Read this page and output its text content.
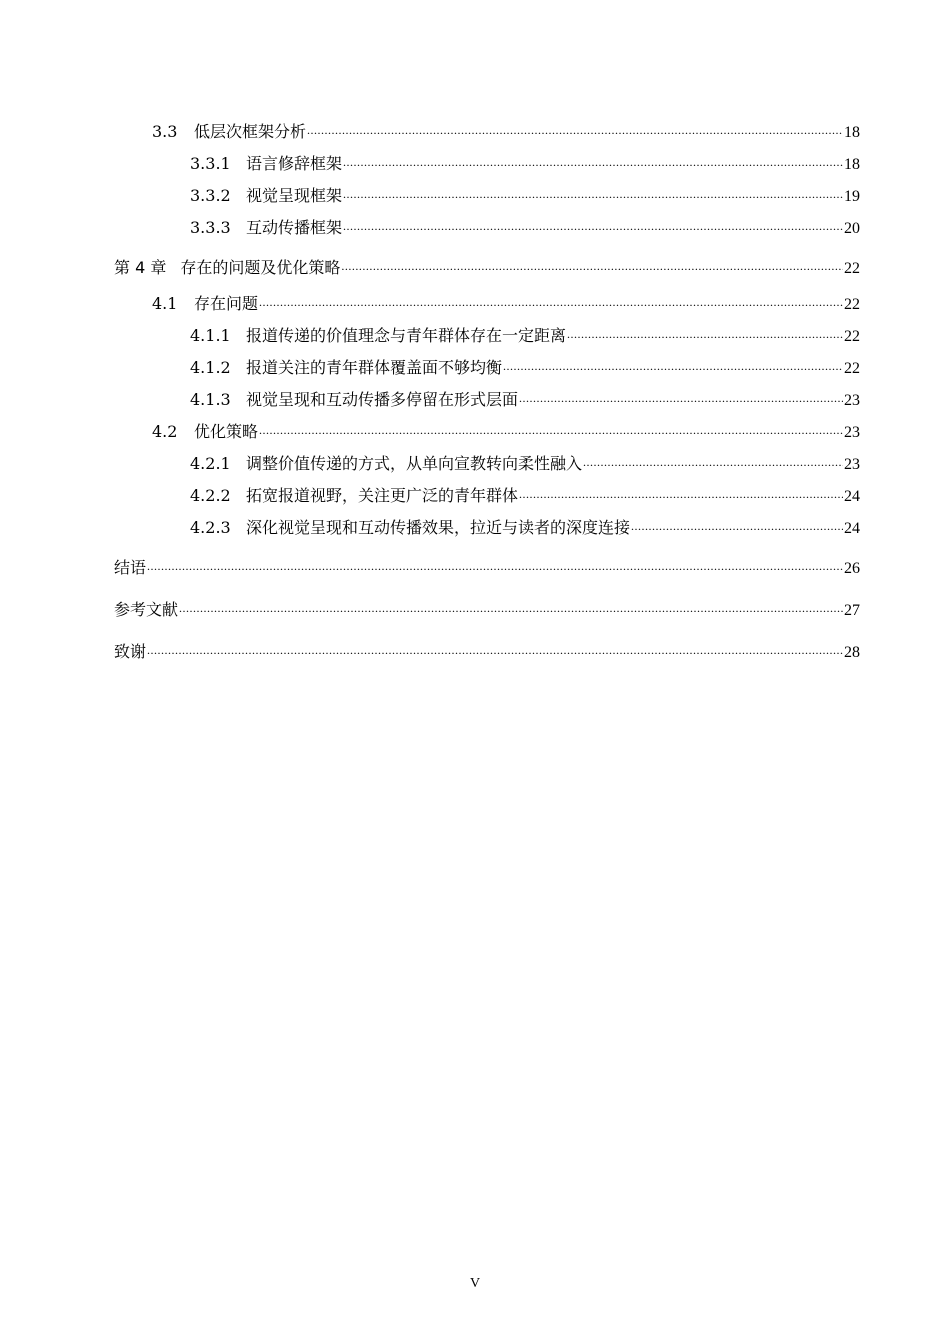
3.3	低层次框架分析 .....	18
3.3.1 语言修辞框架 .....	18
3.3.2 视觉呈现框架 .....	19
3.3.3 互动传播框架 .....	20
第 4 章 存在的问题及优化策略 .....	22
4.1	存在问题 .....	22
4.1.1 报道传递的价值理念与青年群体存在一定距离 .....	22
4.1.2 报道关注的青年群体覆盖面不够均衡 .....	22
4.1.3 视觉呈现和互动传播多停留在形式层面 .....	23
4.2	优化策略 .....	23
4.2.1 调整价值传递的方式，从单向宣教转向柔性融入 .....	23
4.2.2 拓宽报道视野，关注更广泛的青年群体 .....	24
4.2.3 深化视觉呈现和互动传播效果，拉近与读者的深度连接 .....	24
结语 .....	26
参考文献 .....	27
致谢 .....	28
V
